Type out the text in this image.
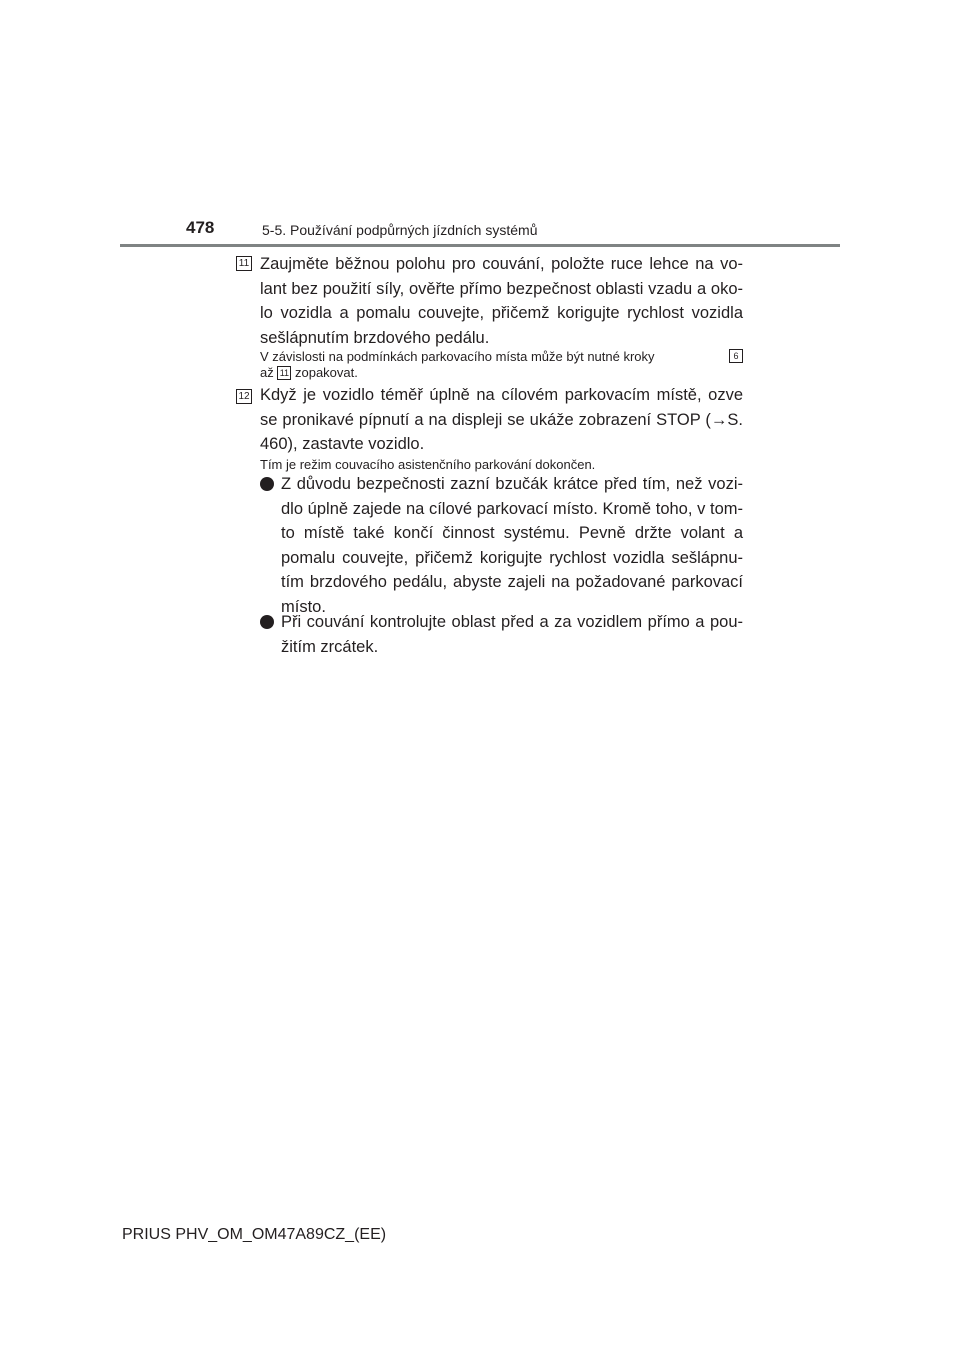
478	5-5. Používání podpůrných jízdních systémů
11 Zaujměte běžnou polohu pro couvání, položte ruce lehce na vo-lant bez použití síly, ověřte přímo bezpečnost oblasti vzadu a oko-lo vozidla a pomalu couvejte, přičemž korigujte rychlost vozidla sešlápnutím brzdového pedálu.
V závislosti na podmínkách parkovacího místa může být nutné kroky	6
až 11 zopakovat.
12 Když je vozidlo téměř úplně na cílovém parkovacím místě, ozve se pronikavé pípnutí a na displeji se ukáže zobrazení STOP (→S. 460), zastavte vozidlo.
Tím je režim couvacího asistenčního parkování dokončen.
Z důvodu bezpečnosti zazní bzučák krátce před tím, než vozi-dlo úplně zajede na cílové parkovací místo. Kromě toho, v tom-to místě také končí činnost systému. Pevně držte volant a pomalu couvejte, přičemž korigujte rychlost vozidla sešlápnu-tím brzdového pedálu, abyste zajeli na požadované parkovací místo.
Při couvání kontrolujte oblast před a za vozidlem přímo a pou-žitím zrcátek.
PRIUS PHV_OM_OM47A89CZ_(EE)
